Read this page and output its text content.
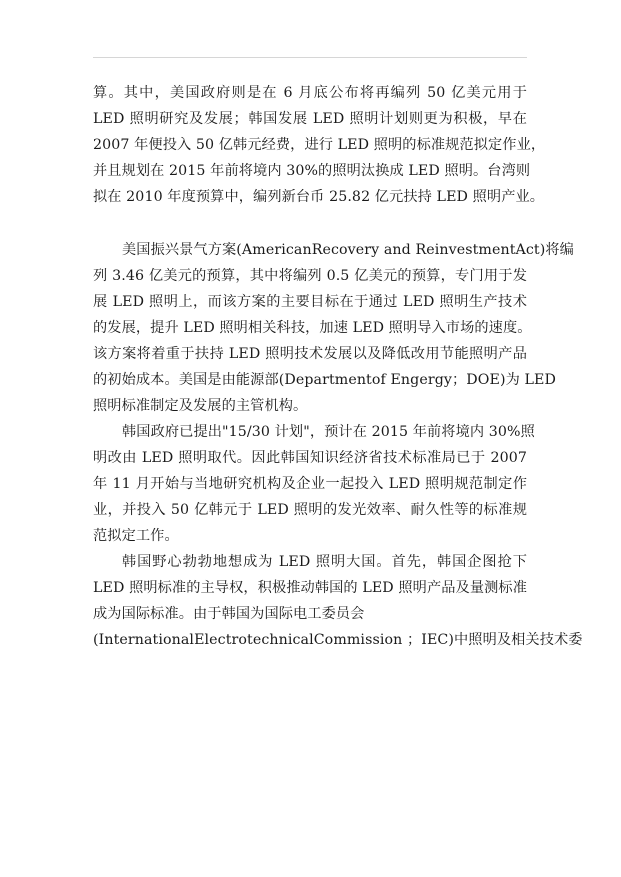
算。其中，美国政府则是在 6 月底公布将再编列 50 亿美元用于
LED 照明研究及发展；韩国发展 LED 照明计划则更为积极，早在
2007 年便投入 50 亿韩元经费，进行 LED 照明的标准规范拟定作业，
并且规划在 2015 年前将境内 30%的照明汰换成 LED 照明。台湾则
拟在 2010 年度预算中，编列新台币 25.82 亿元扶持 LED 照明产业。
美国振兴景气方案(AmericanRecovery and ReinvestmentAct)将编
列 3.46 亿美元的预算，其中将编列 0.5 亿美元的预算，专门用于发
展 LED 照明上，而该方案的主要目标在于通过 LED 照明生产技术
的发展，提升 LED 照明相关科技，加速 LED 照明导入市场的速度。
该方案将着重于扶持 LED 照明技术发展以及降低改用节能照明产品
的初始成本。美国是由能源部(Departmentof Engergy；DOE)为 LED
照明标准制定及发展的主管机构。
韩国政府已提出"15/30 计划"，预计在 2015 年前将境内 30%照
明改由 LED 照明取代。因此韩国知识经济省技术标准局已于 2007
年 11 月开始与当地研究机构及企业一起投入 LED 照明规范制定作
业，并投入 50 亿韩元于 LED 照明的发光效率、耐久性等的标准规
范拟定工作。
韩国野心勃勃地想成为 LED 照明大国。首先，韩国企图抢下
LED 照明标准的主导权，积极推动韩国的 LED 照明产品及量测标准
成为国际标准。由于韩国为国际电工委员会
(InternationalElectrotechnicalCommission ；IEC)中照明及相关技术委
